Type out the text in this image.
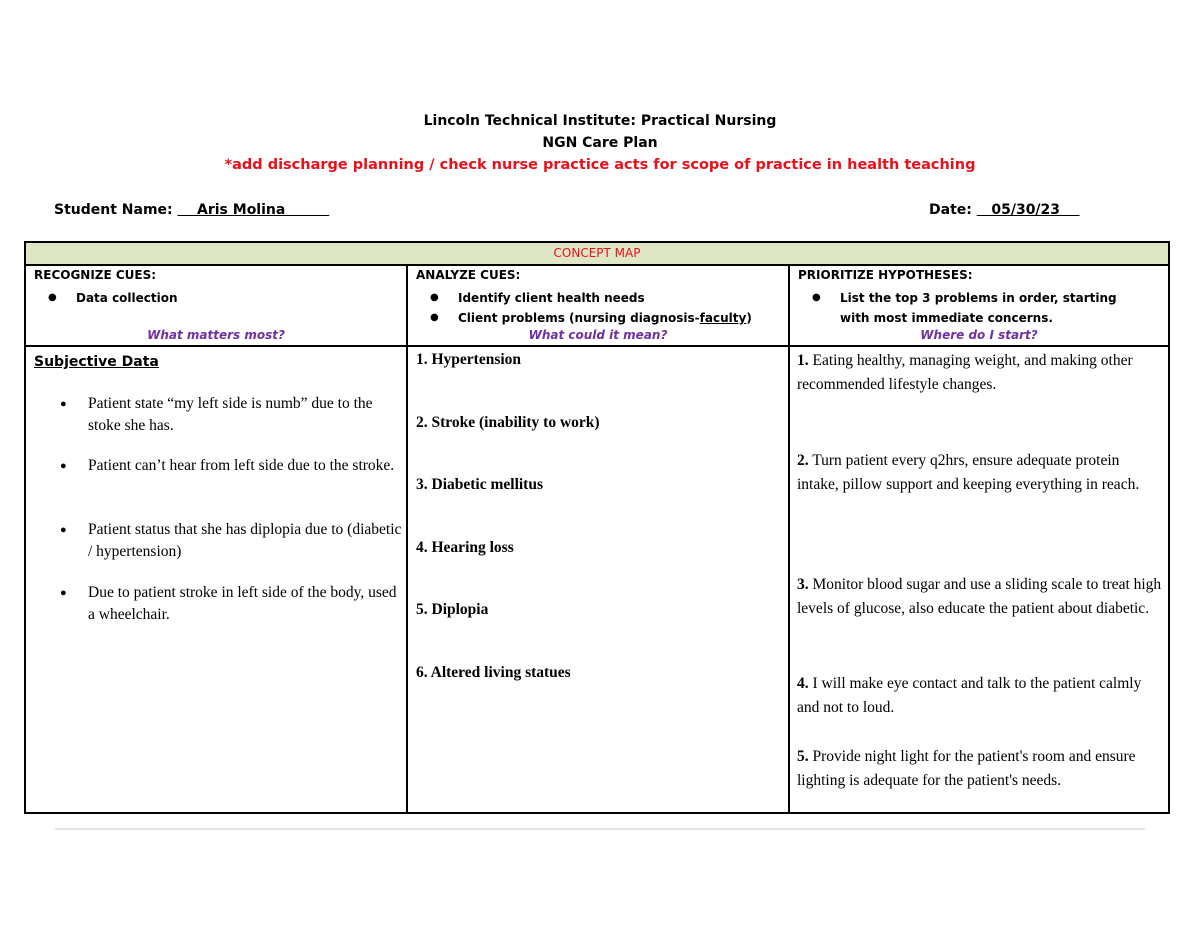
Lincoln Technical Institute: Practical Nursing
NGN Care Plan
*add discharge planning / check nurse practice acts for scope of practice in health teaching
Student Name:     Aris Molina	Date:    05/30/23
CONCEPT MAP
RECOGNIZE CUES:
● Data collection
What matters most?
ANALYZE CUES:
● Identify client health needs
● Client problems (nursing diagnosis-faculty)
What could it mean?
PRIORITIZE HYPOTHESES:
● List the top 3 problems in order, starting with most immediate concerns.
Where do I start?
Subjective Data
● Patient state “my left side is numb” due to the stoke she has.
● Patient can’t hear from left side due to the stroke.
● Patient status that she has diplopia due to (diabetic / hypertension)
● Due to patient stroke in left side of the body, used a wheelchair.
1. Hypertension
2. Stroke (inability to work)
3. Diabetic mellitus
4. Hearing loss
5. Diplopia
6. Altered living statues
1. Eating healthy, managing weight, and making other recommended lifestyle changes.
2. Turn patient every q2hrs, ensure adequate protein intake, pillow support and keeping everything in reach.
3. Monitor blood sugar and use a sliding scale to treat high levels of glucose, also educate the patient about diabetic.
4. I will make eye contact and talk to the patient calmly and not to loud.
5. Provide night light for the patient's room and ensure lighting is adequate for the patient's needs.
